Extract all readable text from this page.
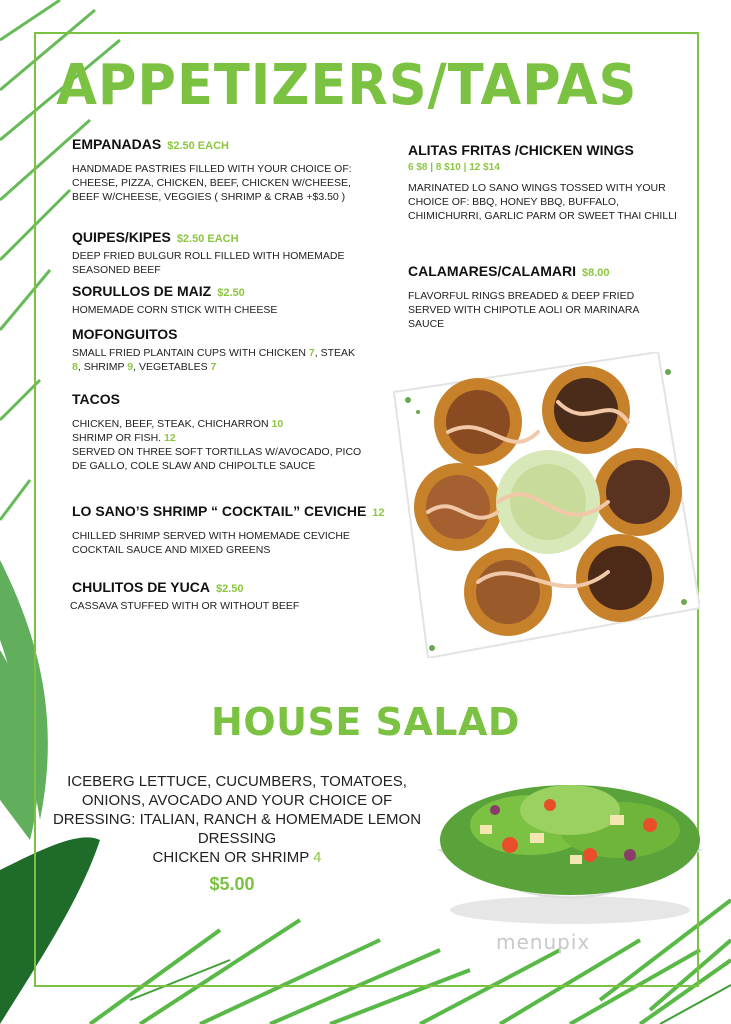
APPETIZERS/TAPAS
EMPANADAS $2.50 EACH
HANDMADE PASTRIES FILLED WITH YOUR CHOICE OF: CHEESE, PIZZA, CHICKEN, BEEF, CHICKEN W/CHEESE, BEEF W/CHEESE, VEGGIES ( SHRIMP & CRAB +$3.50 )
QUIPES/KIPES $2.50 EACH
DEEP FRIED BULGUR ROLL FILLED WITH HOMEMADE SEASONED BEEF
SORULLOS DE MAIZ $2.50
HOMEMADE CORN STICK WITH CHEESE
MOFONGUITOS
SMALL FRIED PLANTAIN CUPS WITH CHICKEN 7, STEAK 8, SHRIMP 9, VEGETABLES 7
TACOS
CHICKEN, BEEF, STEAK, CHICHARRON 10
SHRIMP OR FISH. 12
SERVED ON THREE SOFT TORTILLAS W/AVOCADO, PICO DE GALLO, COLE SLAW AND CHIPOLTLE SAUCE
LO SANO’S SHRIMP “ COCKTAIL” CEVICHE 12
CHILLED SHRIMP SERVED WITH HOMEMADE CEVICHE COCKTAIL SAUCE AND MIXED GREENS
CHULITOS DE YUCA $2.50
CASSAVA STUFFED WITH OR WITHOUT BEEF
ALITAS FRITAS /CHICKEN WINGS
6 $8 | 8 $10 | 12 $14
MARINATED LO SANO WINGS TOSSED WITH YOUR CHOICE OF: BBQ, HONEY BBQ, BUFFALO, CHIMICHURRI, GARLIC PARM OR SWEET THAI CHILLI
CALAMARES/CALAMARI $8.00
FLAVORFUL RINGS BREADED & DEEP FRIED SERVED WITH CHIPOTLE AOLI OR MARINARA SAUCE
HOUSE SALAD
ICEBERG LETTUCE, CUCUMBERS, TOMATOES, ONIONS, AVOCADO AND YOUR CHOICE OF DRESSING: ITALIAN, RANCH & HOMEMADE LEMON DRESSING
CHICKEN OR SHRIMP 4
$5.00
menupix
